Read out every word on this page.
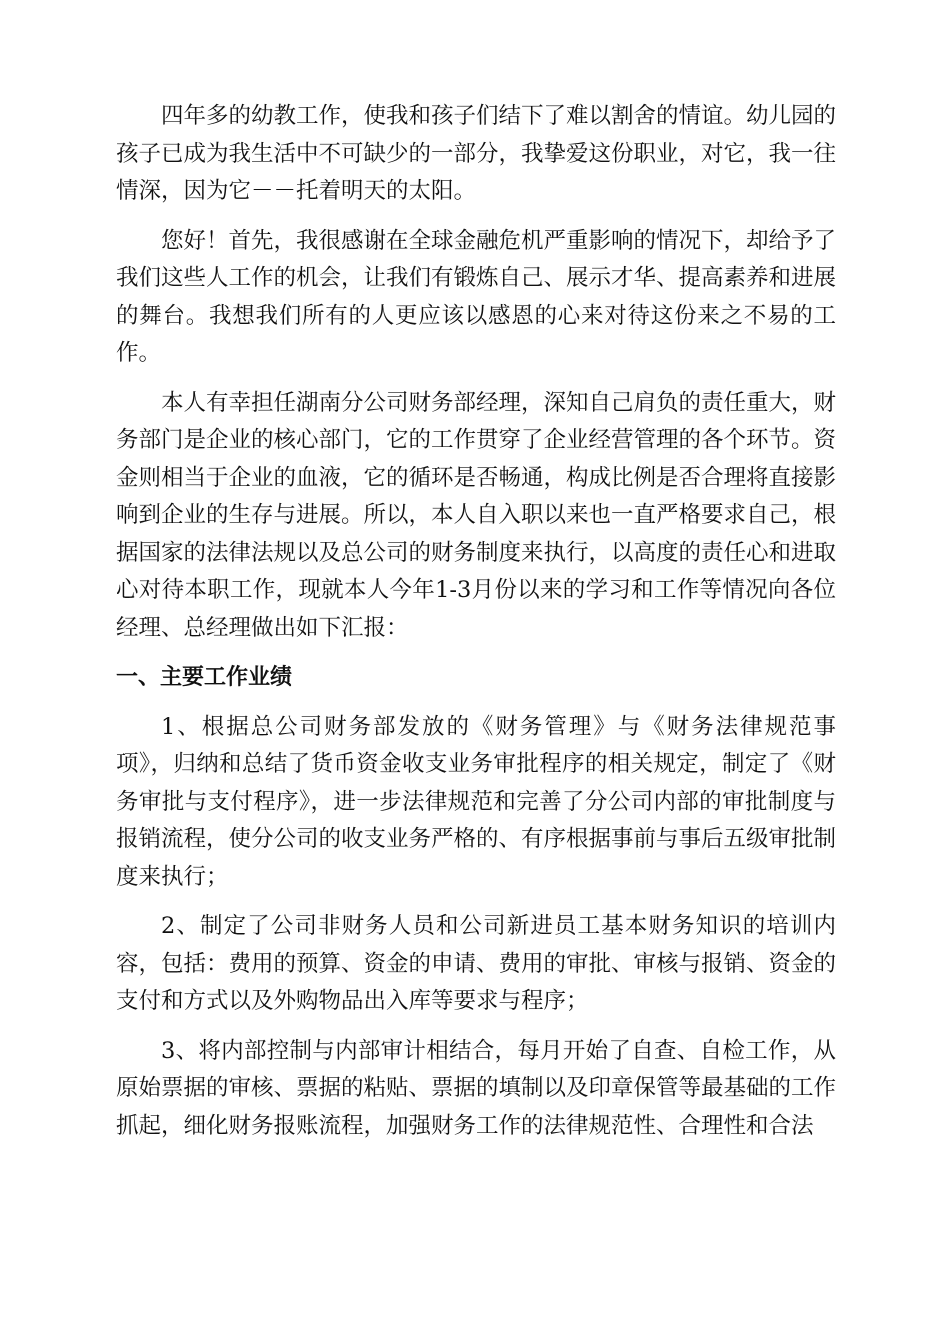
四年多的幼教工作，使我和孩子们结下了难以割舍的情谊。幼儿园的孩子已成为我生活中不可缺少的一部分，我挚爱这份职业，对它，我一往情深，因为它－－托着明天的太阳。

您好！首先，我很感谢在全球金融危机严重影响的情况下，却给予了我们这些人工作的机会，让我们有锻炼自己、展示才华、提高素养和进展的舞台。我想我们所有的人更应该以感恩的心来对待这份来之不易的工作。

本人有幸担任湖南分公司财务部经理，深知自己肩负的责任重大，财务部门是企业的核心部门，它的工作贯穿了企业经营管理的各个环节。资金则相当于企业的血液，它的循环是否畅通，构成比例是否合理将直接影响到企业的生存与进展。所以，本人自入职以来也一直严格要求自己，根据国家的法律法规以及总公司的财务制度来执行，以高度的责任心和进取心对待本职工作，现就本人今年1-3月份以来的学习和工作等情况向各位经理、总经理做出如下汇报：

一、主要工作业绩

1、根据总公司财务部发放的《财务管理》与《财务法律规范事项》，归纳和总结了货币资金收支业务审批程序的相关规定，制定了《财务审批与支付程序》，进一步法律规范和完善了分公司内部的审批制度与报销流程，使分公司的收支业务严格的、有序根据事前与事后五级审批制度来执行；

2、制定了公司非财务人员和公司新进员工基本财务知识的培训内容，包括：费用的预算、资金的申请、费用的审批、审核与报销、资金的支付和方式以及外购物品出入库等要求与程序；

3、将内部控制与内部审计相结合，每月开始了自查、自检工作，从原始票据的审核、票据的粘贴、票据的填制以及印章保管等最基础的工作抓起，细化财务报账流程，加强财务工作的法律规范性、合理性和合法
